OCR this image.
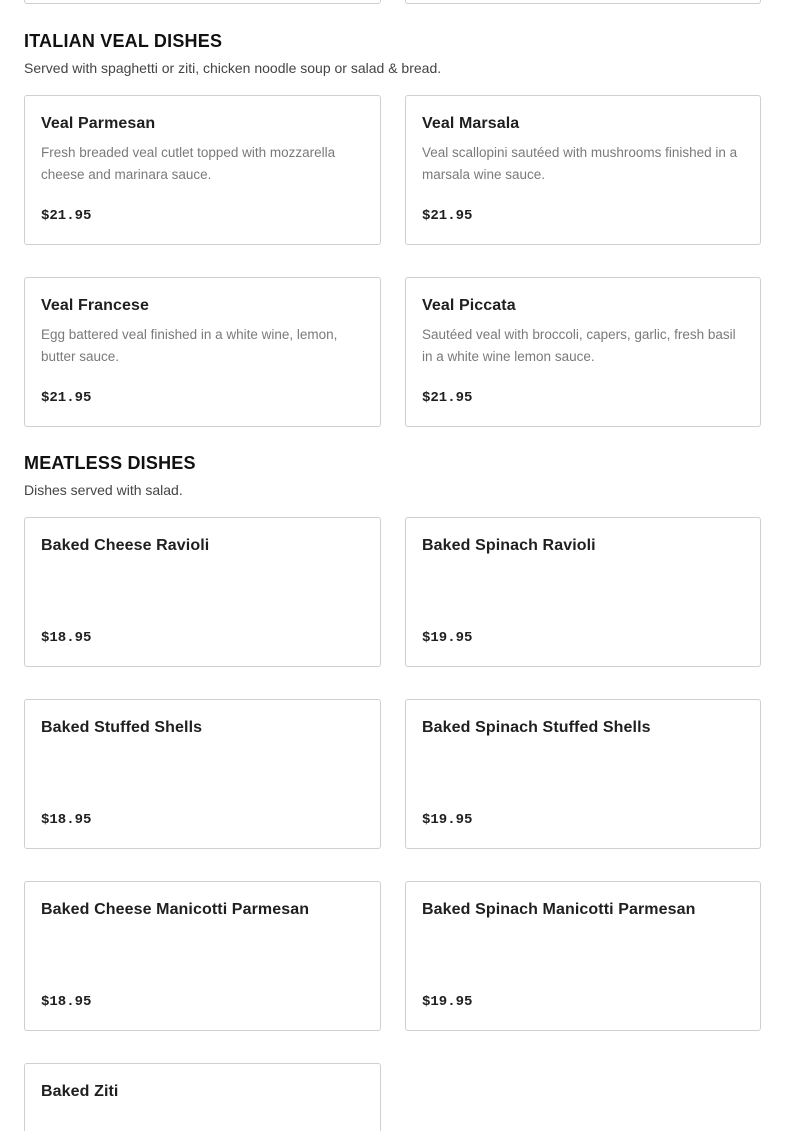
ITALIAN VEAL DISHES
Served with spaghetti or ziti, chicken noodle soup or salad & bread.
Veal Parmesan
Fresh breaded veal cutlet topped with mozzarella cheese and marinara sauce.
$21.95
Veal Marsala
Veal scallopini sautéed with mushrooms finished in a marsala wine sauce.
$21.95
Veal Francese
Egg battered veal finished in a white wine, lemon, butter sauce.
$21.95
Veal Piccata
Sautéed veal with broccoli, capers, garlic, fresh basil in a white wine lemon sauce.
$21.95
MEATLESS DISHES
Dishes served with salad.
Baked Cheese Ravioli
$18.95
Baked Spinach Ravioli
$19.95
Baked Stuffed Shells
$18.95
Baked Spinach Stuffed Shells
$19.95
Baked Cheese Manicotti Parmesan
$18.95
Baked Spinach Manicotti Parmesan
$19.95
Baked Ziti
